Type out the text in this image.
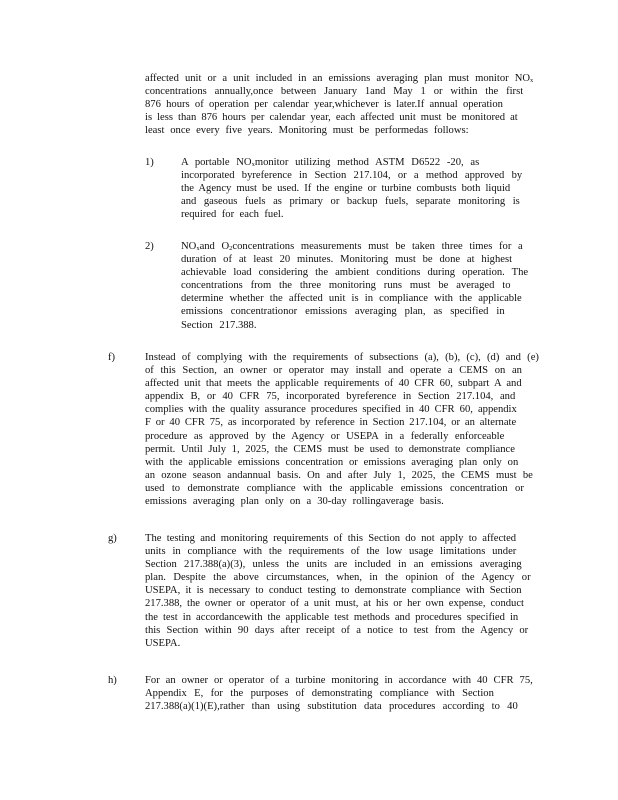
affected unit or a unit included in an emissions averaging plan must monitor $NO_x$

concentrations annually,once between January 1and May 1 or within the first

876 hours of operation per calendar year,whichever is later.If annual operation

is less than 876 hours per calendar year, each affected unit must be monitored at

least once every five years. Monitoring must be performedas follows:

1)	A portable $NO_xmonitor$ utilizing method ASTM D6522 -20, as

incorporated byreference in Section 217.104, or a method approved by

the Agency must be used. If the engine or turbine combusts both liquid

and gaseous fuels as primary or backup fuels, separate monitoring is

required for each fuel.

2)	$NO_xand$ $O_2concentrations$ measurements must be taken three times for a

duration of at least 20 minutes. Monitoring must be done at highest

achievable load considering the ambient conditions during operation. The

concentrations from the three monitoring runs must be averaged to

determine whether the affected unit is in compliance with the applicable

emissions concentrationor emissions averaging plan, as specified in

Section 217.388.

f)	Instead of complying with the requirements of subsections (a), (b), (c), (d) and (e)

of this Section, an owner or operator may install and operate a CEMS on an

affected unit that meets the applicable requirements of 40 CFR 60, subpart A and

appendix B, or 40 CFR 75, incorporated byreference in Section 217.104, and

complies with the quality assurance procedures specified in 40 CFR 60, appendix

F or 40 CFR 75, as incorporated by reference in Section 217.104, or an alternate

procedure as approved by the Agency or USEPA in a federally enforceable

permit. Until July 1, 2025, the CEMS must be used to demonstrate compliance

with the applicable emissions concentration or emissions averaging plan only on

an ozone season andannual basis. On and after July 1, 2025, the CEMS must be

used to demonstrate compliance with the applicable emissions concentration or

emissions averaging plan only on a 30-day rollingaverage basis.

g)	The testing and monitoring requirements of this Section do not apply to affected

units in compliance with the requirements of the low usage limitations under

Section 217.388(a)(3), unless the units are included in an emissions averaging

plan. Despite the above circumstances, when, in the opinion of the Agency or

USEPA, it is necessary to conduct testing to demonstrate compliance with Section

217.388, the owner or operator of a unit must, at his or her own expense, conduct

the test in accordancewith the applicable test methods and procedures specified in

this Section within 90 days after receipt of a notice to test from the Agency or

USEPA.

h)	For an owner or operator of a turbine monitoring in accordance with 40 CFR 75,

Appendix E, for the purposes of demonstrating compliance with Section

217.388(a)(1)(E),rather than using substitution data procedures according to 40
